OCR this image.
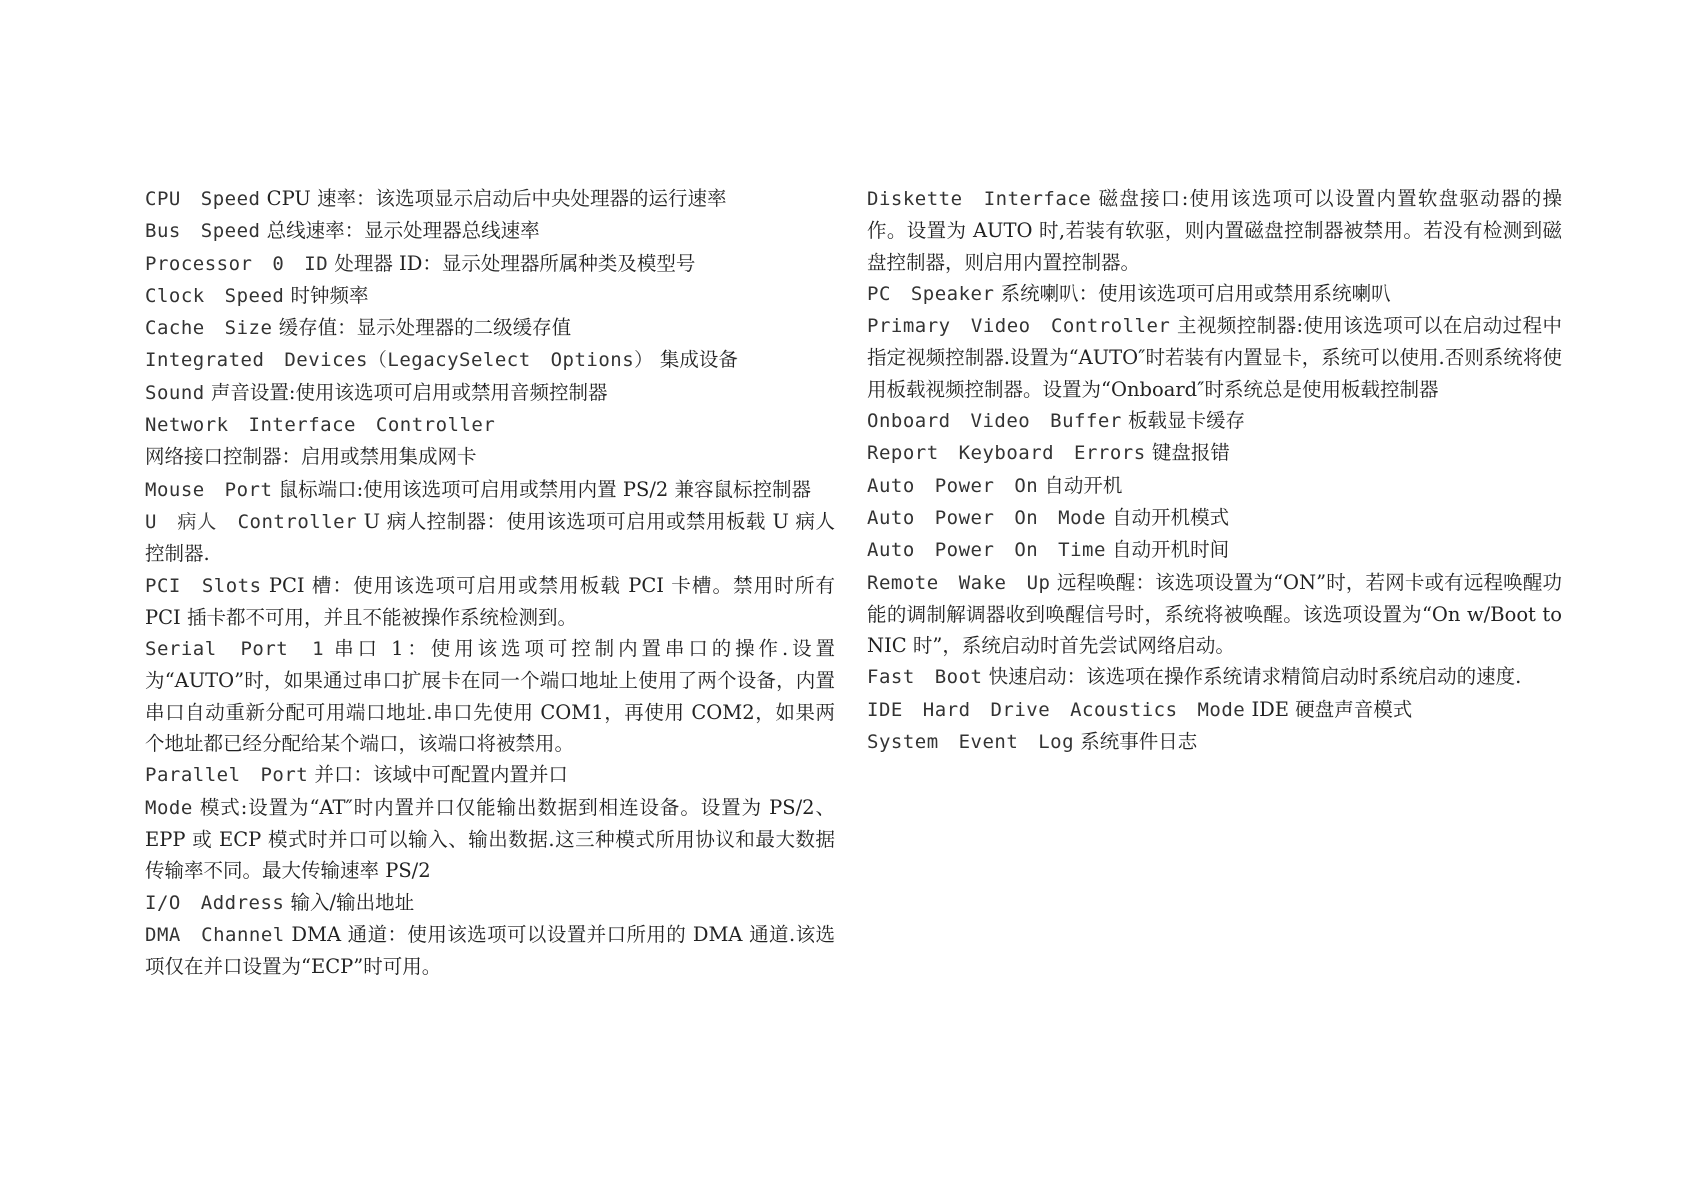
CPU Speed CPU 速率：该选项显示启动后中央处理器的运行速率

Bus Speed 总线速率：显示处理器总线速率

Processor 0 ID 处理器 ID：显示处理器所属种类及模型号

Clock Speed 时钟频率

Cache Size 缓存值：显示处理器的二级缓存值

Integrated Devices（LegacySelect Options） 集成设备

Sound 声音设置:使用该选项可启用或禁用音频控制器

Network Interface Controller

网络接口控制器：启用或禁用集成网卡

Mouse Port 鼠标端口:使用该选项可启用或禁用内置 PS/2 兼容鼠标控制器

U 病人 Controller U 病人控制器：使用该选项可启用或禁用板载 U 病人控制器.

PCI Slots PCI 槽：使用该选项可启用或禁用板载 PCI 卡槽。禁用时所有 PCI 插卡都不可用，并且不能被操作系统检测到。

Serial Port 1 串口 1：使用该选项可控制内置串口的操作.设置为“AUTO”时，如果通过串口扩展卡在同一个端口地址上使用了两个设备，内置串口自动重新分配可用端口地址.串口先使用 COM1，再使用 COM2，如果两个地址都已经分配给某个端口，该端口将被禁用。

Parallel Port 并口：该域中可配置内置并口

Mode 模式:设置为“AT″时内置并口仅能输出数据到相连设备。设置为 PS/2、EPP 或 ECP 模式时并口可以输入、输出数据.这三种模式所用协议和最大数据传输率不同。最大传输速率 PS/2

I/O Address 输入/输出地址

DMA Channel DMA 通道：使用该选项可以设置并口所用的 DMA 通道.该选项仅在并口设置为“ECP”时可用。

Diskette Interface 磁盘接口:使用该选项可以设置内置软盘驱动器的操作。设置为 AUTO 时,若装有软驱，则内置磁盘控制器被禁用。若没有检测到磁盘控制器，则启用内置控制器。

PC Speaker 系统喇叭：使用该选项可启用或禁用系统喇叭

Primary Video Controller 主视频控制器:使用该选项可以在启动过程中指定视频控制器.设置为“AUTO″时若装有内置显卡，系统可以使用.否则系统将使用板载视频控制器。设置为“Onboard″时系统总是使用板载控制器

Onboard Video Buffer 板载显卡缓存

Report Keyboard Errors 键盘报错

Auto Power On 自动开机

Auto Power On Mode 自动开机模式

Auto Power On Time 自动开机时间

Remote Wake Up 远程唤醒：该选项设置为“ON”时，若网卡或有远程唤醒功能的调制解调器收到唤醒信号时，系统将被唤醒。该选项设置为“On w/Boot to NIC 时”，系统启动时首先尝试网络启动。

Fast Boot 快速启动：该选项在操作系统请求精简启动时系统启动的速度.

IDE Hard Drive Acoustics Mode IDE 硬盘声音模式

System Event Log 系统事件日志
